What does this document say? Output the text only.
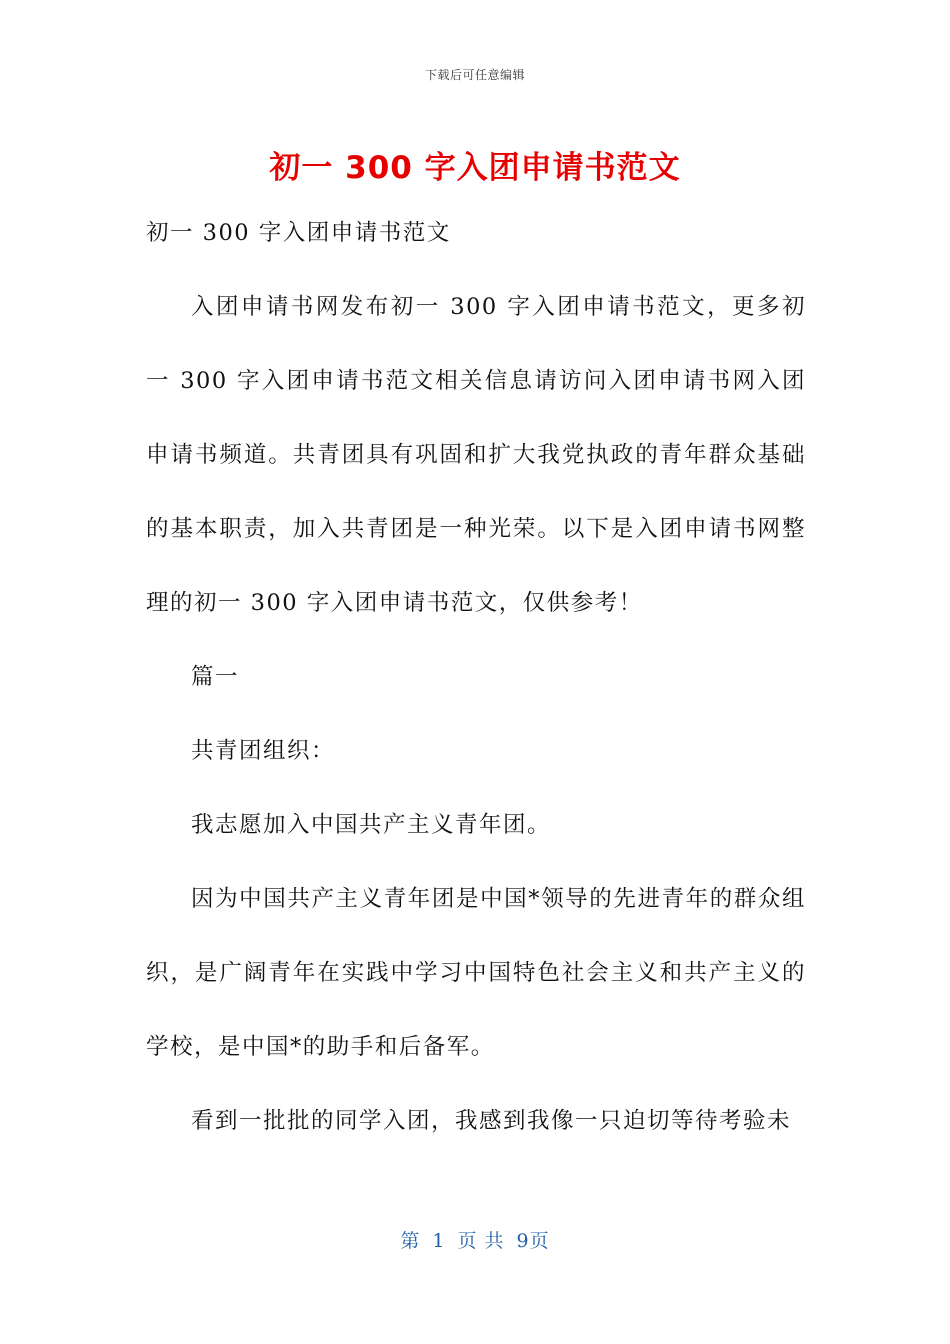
下载后可任意编辑
初一 300 字入团申请书范文

初一 300 字入团申请书范文

入团申请书网发布初一 300 字入团申请书范文，更多初一 300 字入团申请书范文相关信息请访问入团申请书网入团申请书频道。共青团具有巩固和扩大我党执政的青年群众基础的基本职责，加入共青团是一种光荣。以下是入团申请书网整理的初一 300 字入团申请书范文，仅供参考！

篇一

共青团组织：

我志愿加入中国共产主义青年团。

因为中国共产主义青年团是中国*领导的先进青年的群众组织，是广阔青年在实践中学习中国特色社会主义和共产主义的学校，是中国*的助手和后备军。

看到一批批的同学入团，我感到我像一只迫切等待考验未

第 1 页 共 9页
